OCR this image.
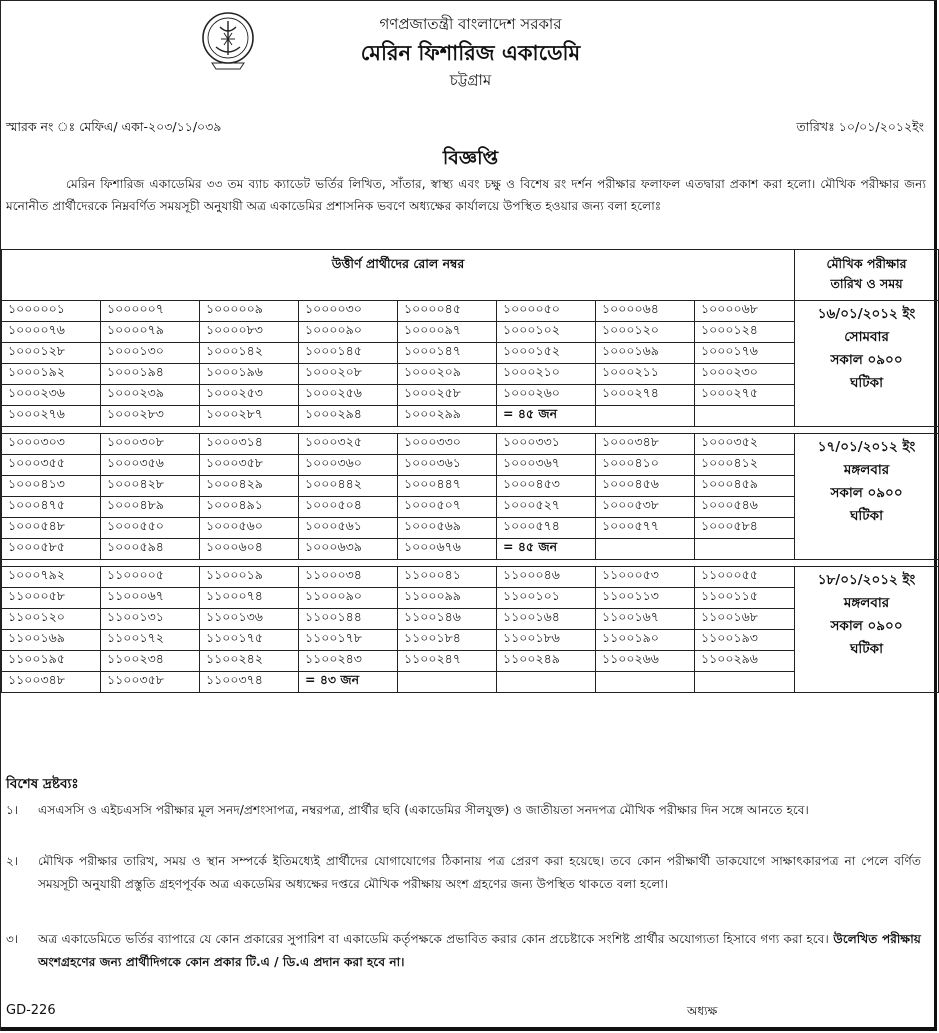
গণপ্রজাতন্ত্রী বাংলাদেশ সরকার
মেরিন ফিশারিজ একাডেমি
চট্টগ্রাম
স্মারক নং ঃ মেফিএ/ একা-২০৩/১১/০৩৯	তারিখঃ ১০/০১/২০১২ইং
বিজ্ঞপ্তি
মেরিন ফিশারিজ একাডেমির ৩৩ তম ব্যাচ ক্যাডেট ভর্তির লিখিত, সাঁতার, স্বাস্থ্য এবং চক্ষু ও বিশেষ রং দর্শন পরীক্ষার ফলাফল এতদ্বারা প্রকাশ করা হলো। মৌখিক পরীক্ষার জন্য মনোনীত প্রার্থীদেরকে নিম্নবর্ণিত সময়সূচী অনুযায়ী অত্র একাডেমির প্রশাসনিক ভবণে অধ্যক্ষের কার্যালয়ে উপস্থিত হওয়ার জন্য বলা হলোঃ
উত্তীর্ণ প্রার্থীদের রোল নম্বর								মৌখিক পরীক্ষার
তারিখ ও সময়

১০০০০০১	১০০০০০৭	১০০০০০৯	১০০০০৩০	১০০০০৪৫	১০০০০৫০	১০০০০৬৪	১০০০০৬৮	১৬/০১/২০১২ ইং
সোমবার
সকাল ০৯০০
ঘটিকা

১০০০০৭৬	১০০০০৭৯	১০০০০৮৩	১০০০০৯০	১০০০০৯৭	১০০০১০২	১০০০১২০	১০০০১২৪	
১০০০১২৮	১০০০১৩০	১০০০১৪২	১০০০১৪৫	১০০০১৪৭	১০০০১৫২	১০০০১৬৯	১০০০১৭৬	
১০০০১৯২	১০০০১৯৪	১০০০১৯৬	১০০০২০৮	১০০০২০৯	১০০০২১০	১০০০২১১	১০০০২৩০	
১০০০২৩৬	১০০০২৩৯	১০০০২৫৩	১০০০২৫৬	১০০০২৫৮	১০০০২৬০	১০০০২৭৪	১০০০২৭৫	
১০০০২৭৬	১০০০২৮৩	১০০০২৮৭	১০০০২৯৪	১০০০২৯৯	= ৪৫ জন			

১০০০৩০৩	১০০০৩০৮	১০০০৩১৪	১০০০৩২৫	১০০০৩৩০	১০০০৩৩১	১০০০৩৪৮	১০০০৩৫২	১৭/০১/২০১২ ইং
মঙ্গলবার
সকাল ০৯০০
ঘটিকা

১০০০৩৫৫	১০০০৩৫৬	১০০০৩৫৮	১০০০৩৬০	১০০০৩৬১	১০০০৩৬৭	১০০০৪১০	১০০০৪১২	
১০০০৪১৩	১০০০৪২৮	১০০০৪২৯	১০০০৪৪২	১০০০৪৪৭	১০০০৪৫৩	১০০০৪৫৬	১০০০৪৫৯	
১০০০৪৭৫	১০০০৪৮৯	১০০০৪৯১	১০০০৫০৪	১০০০৫০৭	১০০০৫২৭	১০০০৫৩৮	১০০০৫৪৬	
১০০০৫৪৮	১০০০৫৫০	১০০০৫৬০	১০০০৫৬১	১০০০৫৬৯	১০০০৫৭৪	১০০০৫৭৭	১০০০৫৮৪	
১০০০৫৮৫	১০০০৫৯৪	১০০০৬০৪	১০০০৬৩৯	১০০০৬৭৬	= ৪৫ জন			

১০০০৭৯২	১১০০০০৫	১১০০০১৯	১১০০০৩৪	১১০০০৪১	১১০০০৪৬	১১০০০৫৩	১১০০০৫৫	১৮/০১/২০১২ ইং
মঙ্গলবার
সকাল ০৯০০
ঘটিকা

১১০০০৫৮	১১০০০৬৭	১১০০০৭৪	১১০০০৯০	১১০০০৯৯	১১০০১০১	১১০০১১৩	১১০০১১৫	
১১০০১২০	১১০০১৩১	১১০০১৩৬	১১০০১৪৪	১১০০১৪৬	১১০০১৬৪	১১০০১৬৭	১১০০১৬৮	
১১০০১৬৯	১১০০১৭২	১১০০১৭৫	১১০০১৭৮	১১০০১৮৪	১১০০১৮৬	১১০০১৯০	১১০০১৯৩	
১১০০১৯৫	১১০০২৩৪	১১০০২৪২	১১০০২৪৩	১১০০২৪৭	১১০০২৪৯	১১০০২৬৬	১১০০২৯৬	
১১০০৩৪৮	১১০০৩৫৮	১১০০৩৭৪	= ৪৩ জন					
বিশেষ দ্রষ্টব্যঃ
১। এসএসসি ও এইচএসসি পরীক্ষার মূল সনদ/প্রশংসাপত্র, নম্বরপত্র, প্রার্থীর ছবি (একাডেমির সীলযুক্ত) ও জাতীয়তা সনদপত্র মৌখিক পরীক্ষার দিন সঙ্গে আনতে হবে।
২। মৌখিক পরীক্ষার তারিখ, সময় ও স্থান সম্পর্কে ইতিমধ্যেই প্রার্থীদের যোগাযোগের ঠিকানায় পত্র প্রেরণ করা হয়েছে। তবে কোন পরীক্ষার্থী ডাকযোগে সাক্ষাৎকারপত্র না পেলে বর্ণিত সময়সূচী অনুযায়ী প্রস্তুতি গ্রহণপূর্বক অত্র একডেমির অধ্যক্ষের দপ্তরে মৌখিক পরীক্ষায় অংশ গ্রহণের জন্য উপস্থিত থাকতে বলা হলো।
৩। অত্র একাডেমিতে ভর্তির ব্যাপারে যে কোন প্রকারের সুপারিশ বা একাডেমি কর্তৃপক্ষকে প্রভাবিত করার কোন প্রচেষ্টাকে সংশিষ্ট প্রার্থীর অযোগ্যতা হিসাবে গণ্য করা হবে। উলেখিত পরীক্ষায় অংশগ্রহণের জন্য প্রার্থীদিগকে কোন প্রকার টি.এ / ডি.এ প্রদান করা হবে না।
GD-226	অধ্যক্ষ
